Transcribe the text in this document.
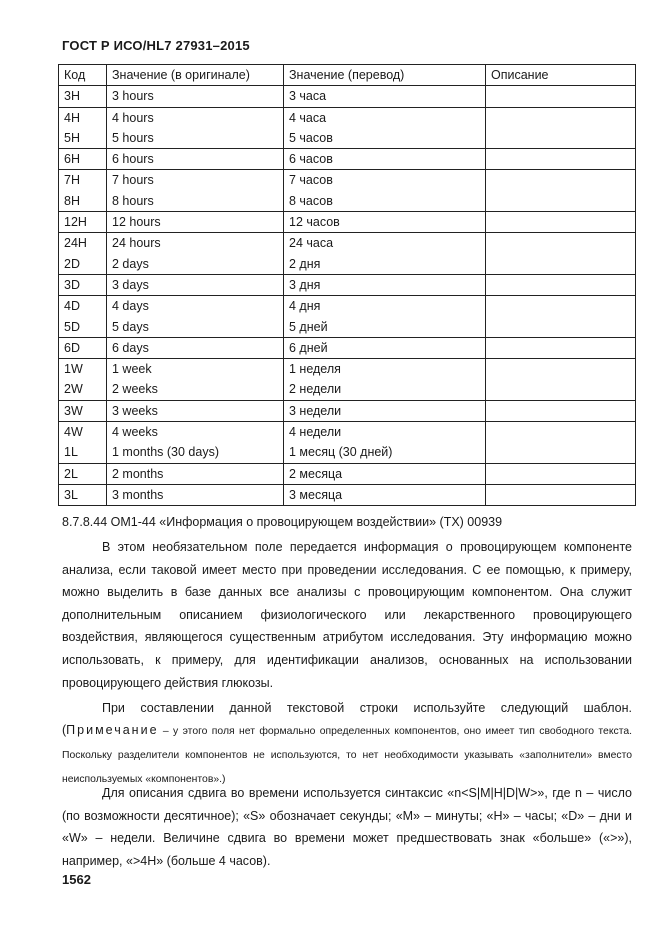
ГОСТ Р ИСО/HL7 27931–2015
Код	Значение (в оригинале)	Значение (перевод)	Описание
3H	3 hours	3 часа	
4H	4 hours	4 часа	
5H	5 hours	5 часов	
6H	6 hours	6 часов	
7H	7 hours	7 часов	
8H	8 hours	8 часов	
12H	12 hours	12 часов	
24H	24 hours	24 часа	
2D	2 days	2 дня	
3D	3 days	3 дня	
4D	4 days	4 дня	
5D	5 days	5 дней	
6D	6 days	6 дней	
1W	1 week	1 неделя	
2W	2 weeks	2 недели	
3W	3 weeks	3 недели	
4W	4 weeks	4 недели	
1L	1 months (30 days)	1 месяц (30 дней)	
2L	2 months	2 месяца	
3L	3 months	3 месяца	
8.7.8.44 ОМ1-44 «Информация о провоцирующем воздействии» (ТХ) 00939
В этом необязательном поле передается информация о провоцирующем компоненте анализа, если таковой имеет место при проведении исследования. С ее помощью, к примеру, можно выделить в базе данных все анализы с провоцирующим компонентом. Она служит дополнительным описанием физиологического или лекарственного провоцирующего воздействия, являющегося существенным атрибутом исследования. Эту информацию можно использовать, к примеру, для идентификации анализов, основанных на использовании провоцирующего действия глюкозы.
При составлении данной текстовой строки используйте следующий шаблон. (Примечание – у этого поля нет формально определенных компонентов, оно имеет тип свободного текста. Поскольку разделители компонентов не используются, то нет необходимости указывать «заполнители» вместо неиспользуемых «компонентов».)
Для описания сдвига во времени используется синтаксис «n<S|M|H|D|W>», где n – число (по возможности десятичное); «S» обозначает секунды; «М» – минуты; «Н» – часы; «D» – дни и «W» – недели. Величине сдвига во времени может предшествовать знак «больше» («>»), например, «>4Н» (больше 4 часов).
1562
